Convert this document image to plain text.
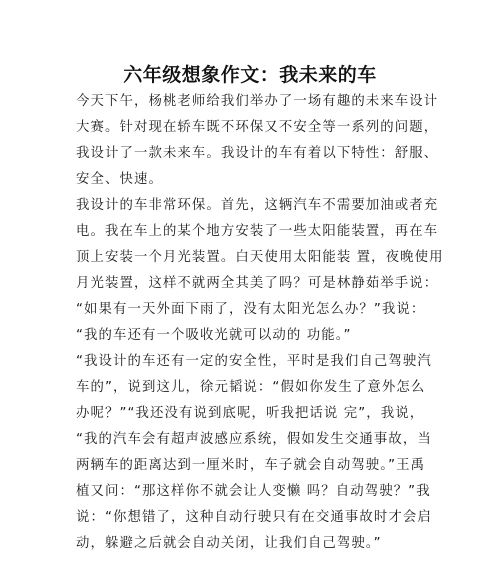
六年级想象作文：我未来的车
今天下午，杨桃老师给我们举办了一场有趣的未来车设计
大赛。针对现在轿车既不环保又不安全等一系列的问题，
我设计了一款未来车。我设计的车有着以下特性：舒服、
安全、快速。
我设计的车非常环保。首先，这辆汽车不需要加油或者充
电。我在车上的某个地方安装了一些太阳能装置，再在车
顶上安装一个月光装置。白天使用太阳能装 置，夜晚使用
月光装置，这样不就两全其美了吗？可是林静茹举手说：
“如果有一天外面下雨了，没有太阳光怎么办？”我说：
“我的车还有一个吸收光就可以动的 功能。”
“我设计的车还有一定的安全性，平时是我们自己驾驶汽
车的”，说到这儿，徐元韬说：“假如你发生了意外怎么
办呢？”“我还没有说到底呢，听我把话说 完”，我说，
“我的汽车会有超声波感应系统，假如发生交通事故，当
两辆车的距离达到一厘米时，车子就会自动驾驶。”王禹
植又问：“那这样你不就会让人变懒 吗？自动驾驶？”我
说：“你想错了，这种自动行驶只有在交通事故时才会启
动，躲避之后就会自动关闭，让我们自己驾驶。”
